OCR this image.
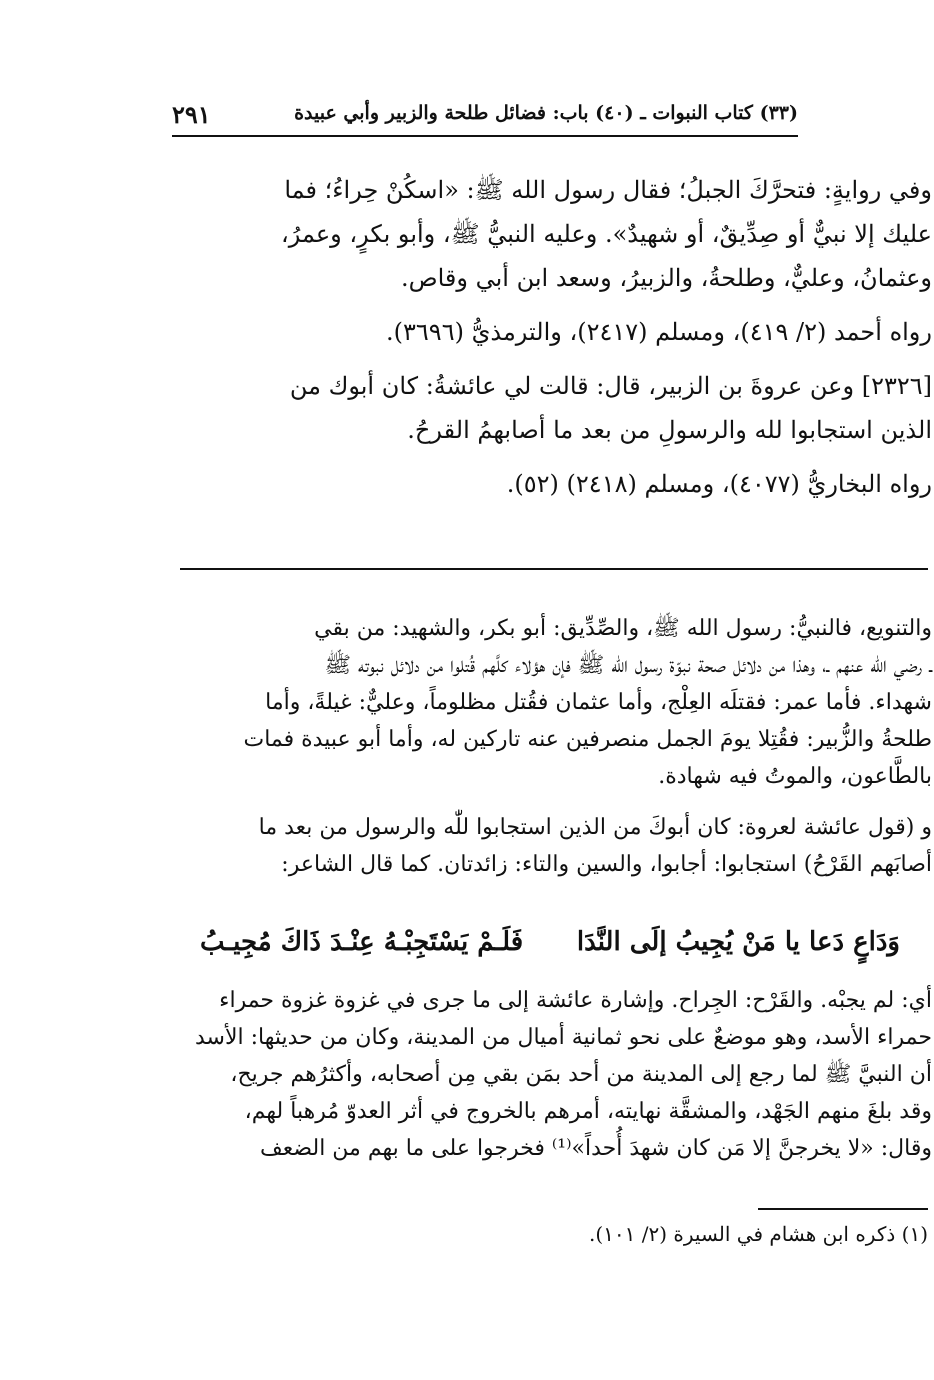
(٣٣) كتاب النبوات ـ (٤٠) باب: فضائل طلحة والزبير وأبي عبيدة
٢٩١

وفي روايةٍ: فتحرَّكَ الجبلُ؛ فقال رسول الله ﷺ: «اسكُنْ حِراءُ؛ فما

عليك إلا نبيٌّ أو صِدِّيقٌ، أو شهيدٌ». وعليه النبيُّ ﷺ، وأبو بكرٍ، وعمرُ،

وعثمانُ، وعليٌّ، وطلحةُ، والزبيرُ، وسعد ابن أبي وقاص.

رواه أحمد (٢/ ٤١٩)، ومسلم (٢٤١٧)، والترمذيُّ (٣٦٩٦).

[٢٣٢٦] وعن عروةَ بن الزبير، قال: قالت لي عائشةُ: كان أبوك من

الذين استجابوا لله والرسولِ من بعد ما أصابهمُ القرحُ.

رواه البخاريُّ (٤٠٧٧)، ومسلم (٢٤١٨) (٥٢).

والتنويع، فالنبيُّ: رسول الله ﷺ، والصِّدِّيق: أبو بكر، والشهيد: من بقي

ـ رضي الله عنهم ـ، وهذا من دلائل صحة نبوّة رسول الله ﷺ فإن هؤلاء كلَّهم قُتلوا من دلائل نبوته ﷺ

شهداء. فأما عمر: فقتلَه العِلْج، وأما عثمان فقُتل مظلوماً، وعليٌّ: غيلةً، وأما

طلحةُ والزُّبير: فقُتِلا يومَ الجمل منصرفين عنه تاركين له، وأما أبو عبيدة فمات

بالطَّاعون، والموتُ فيه شهادة.

و (قول عائشة لعروة: كان أبوكَ من الذين استجابوا للّٰه والرسول من بعد ما

أصابَهم القَرْحُ) استجابوا: أجابوا، والسين والتاء: زائدتان. كما قال الشاعر:

وَدَاعٍ دَعا يا مَنْ يُجِيبُ إلَى النَّدَا
فَلَـمْ يَسْتَجِبْـهُ عِنْـدَ ذَاكَ مُجِيـبُ

أي: لم يجبْه. والقَرْح: الجِراح. وإشارة عائشة إلى ما جرى في غزوة غزوة حمراء

حمراء الأسد، وهو موضعٌ على نحو ثمانية أميال من المدينة، وكان من حديثها: الأسد

أن النبيَّ ﷺ لما رجع إلى المدينة من أحد بمَن بقي مِن أصحابه، وأكثرُهم جريح،

وقد بلغَ منهم الجَهْد، والمشقَّة نهايته، أمرهم بالخروج في أثر العدوّ مُرهباً لهم،

وقال: «لا يخرجنَّ إلا مَن كان شهدَ أُحداً»⁽¹⁾ فخرجوا على ما بهم من الضعف

(١) ذكره ابن هشام في السيرة (٢/ ١٠١).
